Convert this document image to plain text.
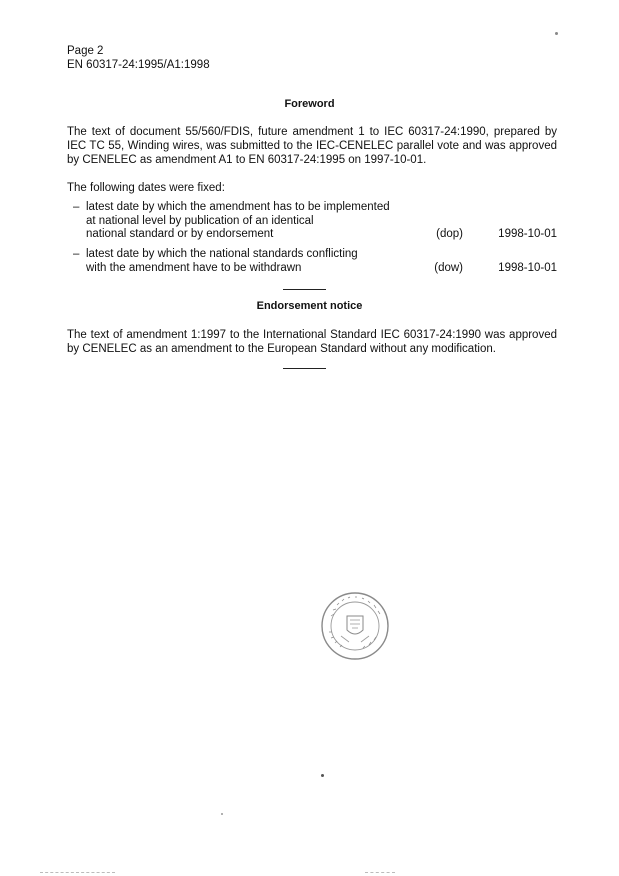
Page 2
EN 60317-24:1995/A1:1998
Foreword
The text of document 55/560/FDIS, future amendment 1 to IEC 60317-24:1990, prepared by IEC TC 55, Winding wires, was submitted to the IEC-CENELEC parallel vote and was approved by CENELEC as amendment A1 to EN 60317-24:1995 on 1997-10-01.
The following dates were fixed:
– latest date by which the amendment has to be implemented
at national level by publication of an identical
national standard or by endorsement	(dop)	1998-10-01
– latest date by which the national standards conflicting
with the amendment have to be withdrawn	(dow)	1998-10-01
Endorsement notice
The text of amendment 1:1997 to the International Standard IEC 60317-24:1990 was approved by CENELEC as an amendment to the European Standard without any modification.
